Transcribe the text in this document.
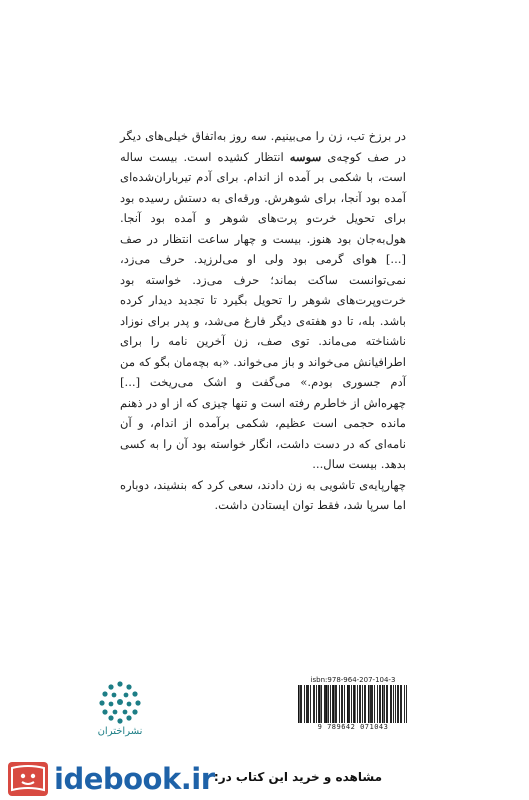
در برزخ تب، زن را می‌بینیم. سه روز به‌اتفاق خیلی‌های دیگر در صف کوچه‌ی سوسه انتظار کشیده است. بیست ساله است، با شکمی بر آمده از اندام. برای آدم تیرباران‌شده‌ای آمده بود آنجا، برای شوهرش. ورقه‌ای به دستش رسیده بود برای تحویل خرت‌و پرت‌های شوهر و آمده بود آنجا. هول‌به‌جان بود هنوز. بیست و چهار ساعت انتظار در صف [...] هوای گرمی بود ولی او می‌لرزید. حرف می‌زد، نمی‌توانست ساکت بماند؛ حرف می‌زد. خواسته بود خرت‌وپرت‌های شوهر را تحویل بگیرد تا تجدید دیدار کرده باشد. بله، تا دو هفته‌ی دیگر فارغ می‌شد، و پدر برای نوزاد ناشناخته می‌ماند. توی صف، زن آخرین نامه را برای اطرافیانش می‌خواند و باز می‌خواند. «به بچه‌مان بگو که من آدم جسوری بودم.» می‌گفت و اشک می‌ریخت [...] چهره‌اش از خاطرم رفته است و تنها چیزی که از او در ذهنم مانده حجمی است عظیم، شکمی برآمده از اندام، و آن نامه‌ای که در دست داشت، انگار خواسته بود آن را به کسی بدهد. بیست سال...

چهارپایه‌ی تاشویی به زن دادند، سعی کرد که بنشیند، دوباره اما سرپا شد، فقط توان ایستادن داشت.

isbn:978-964-207-104-3
9 789642 071043
نشراختران
idebook.ir مشاهده و خرید این کتاب در:
